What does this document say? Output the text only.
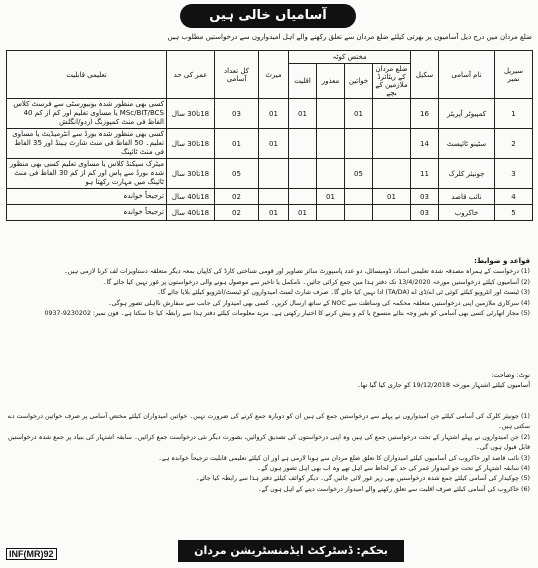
آسامیاں خالی ہیں
ضلع مردان میں درج ذیل آسامیوں پر بھرتی کیلئے ضلع مردان سے تعلق رکھنے والے اہل امیدواروں سے درخواستیں مطلوب ہیں
سیریل نمبر	نام آسامی	سکیل	مختص کوٹہ				میرٹ	کل تعداد آسامی	عمر کی حد	تعلیمی قابلیت
			ضلع مردان کے ریٹائرڈ ملازمین کے بچے	خواتین	معذور	اقلیت				
1	کمپیوٹر آپریٹر	16		01		01	01	03	18تا30 سال	کسی بھی منظور شدہ یونیورسٹی سے فرسٹ کلاس MSc/BIT/BCS یا مساوی تعلیم اور کم از کم 40 الفاظ فی منٹ کمپوزنگ اردو/انگلش
2	سٹینو ٹائپسٹ	14					01	01	18تا30 سال	کسی بھی منظور شدہ بورڈ سے انٹرمیڈیٹ یا مساوی تعلیم۔ 50 الفاظ فی منٹ شارٹ ہینڈ اور 35 الفاظ فی منٹ ٹائپنگ
3	جونیئر کلرک	11		05				05	18تا30 سال	میٹرک سیکنڈ کلاس یا مساوی تعلیم کسی بھی منظور شدہ بورڈ سے پاس اور کم از کم 30 الفاظ فی منٹ ٹائپنگ میں مہارت رکھتا ہو
4	نائب قاصد	03	01		01			02	18تا40 سال	ترجیحاً خواندہ
5	خاکروب	03				01	01	02	18تا40 سال	ترجیحاً خواندہ
قواعد و ضوابط:

(1) درخواست کے ہمراہ مصدقہ شدہ تعلیمی اسناد، ڈومیسائل، دو عدد پاسپورٹ سائز تصاویر اور قومی شناختی کارڈ کی کاپیاں بمعہ دیگر متعلقہ دستاویزات لف کرنا لازمی ہیں۔

(2) آسامیوں کیلئے درخواستیں مورخہ 13/4/2020 تک دفتر ہذا میں جمع کرائی جائیں۔ نامکمل یا تاخیر سے موصول ہونے والی درخواستوں پر غور نہیں کیا جائے گا۔

(3) ٹیسٹ اور انٹرویو کیلئے کوئی ٹی اے/ڈی اے (TA/DA) ادا نہیں کیا جائے گا۔ صرف شارٹ لسٹ امیدواروں کو ٹیسٹ/انٹرویو کیلئے بلایا جائے گا۔

(4) سرکاری ملازمین اپنی درخواستیں متعلقہ محکمہ کی وساطت سے NOC کے ساتھ ارسال کریں۔ کسی بھی امیدوار کی جانب سے سفارش نااہلی تصور ہوگی۔

(5) مجاز اتھارٹی کسی بھی آسامی کو بغیر وجہ بتائے منسوخ یا کم و بیش کرنے کا اختیار رکھتی ہے۔ مزید معلومات کیلئے دفتر ہذا سے رابطہ کیا جا سکتا ہے۔ فون نمبر: 9230202-0937

نوٹ: وضاحت:

آسامیوں کیلئے اشتہار مورخہ 19/12/2018 کو جاری کیا گیا تھا۔

(1) جونیئر کلرک کی آسامی کیلئے جن امیدواروں نے پہلے سے درخواستیں جمع کی ہیں ان کو دوبارہ جمع کرنے کی ضرورت نہیں۔ خواتین امیدواران کیلئے مختص آسامی پر صرف خواتین درخواست دے سکتی ہیں۔

(2) جن امیدواروں نے پہلے اشتہار کے تحت درخواستیں جمع کی ہیں وہ اپنی درخواستوں کی تصدیق کروائیں، بصورت دیگر نئی درخواست جمع کرائیں۔ سابقہ اشتہار کی بنیاد پر جمع شدہ درخواستیں قابل قبول ہوں گی۔

(3) نائب قاصد اور خاکروب کی آسامیوں کیلئے امیدواران کا تعلق ضلع مردان سے ہونا لازمی ہے اور ان کیلئے تعلیمی قابلیت ترجیحاً خواندہ ہے۔

(4) سابقہ اشتہار کے تحت جو امیدوار عمر کی حد کے لحاظ سے اہل تھے وہ اب بھی اہل تصور ہوں گے۔

(5) چوکیدار کی آسامی کیلئے جمع شدہ درخواستیں بھی زیر غور لائی جائیں گی۔ دیگر کوائف کیلئے دفتر ہذا سے رابطہ کیا جائے۔

(6) خاکروب کی آسامی کیلئے صرف اقلیت سے تعلق رکھنے والے امیدوار درخواست دینے کے اہل ہوں گے۔

INF(MR)92	بحکم: ڈسٹرکٹ ایڈمنسٹریشن مردان
